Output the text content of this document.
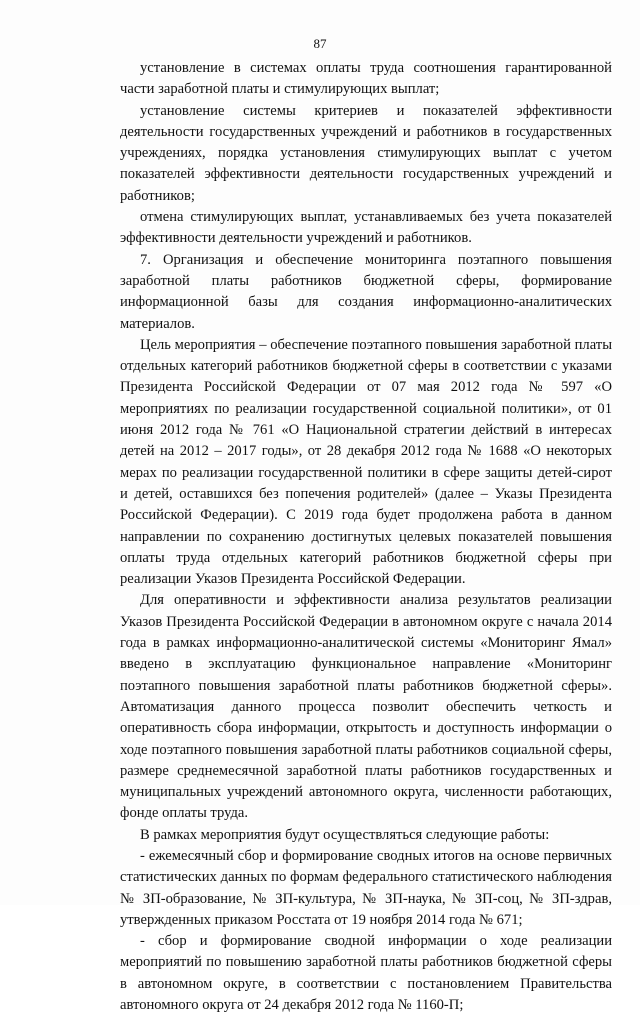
87

установление в системах оплаты труда соотношения гарантированной части заработной платы и стимулирующих выплат;

установление системы критериев и показателей эффективности деятельности государственных учреждений и работников в государственных учреждениях, порядка установления стимулирующих выплат с учетом показателей эффективности деятельности государственных учреждений и работников;

отмена стимулирующих выплат, устанавливаемых без учета показателей эффективности деятельности учреждений и работников.

7. Организация и обеспечение мониторинга поэтапного повышения заработной платы работников бюджетной сферы, формирование информационной базы для создания информационно-аналитических материалов.

Цель мероприятия – обеспечение поэтапного повышения заработной платы отдельных категорий работников бюджетной сферы в соответствии с указами Президента Российской Федерации от 07 мая 2012 года № 597 «О мероприятиях по реализации государственной социальной политики», от 01 июня 2012 года № 761 «О Национальной стратегии действий в интересах детей на 2012 – 2017 годы», от 28 декабря 2012 года № 1688 «О некоторых мерах по реализации государственной политики в сфере защиты детей-сирот и детей, оставшихся без попечения родителей» (далее – Указы Президента Российской Федерации). С 2019 года будет продолжена работа в данном направлении по сохранению достигнутых целевых показателей повышения оплаты труда отдельных категорий работников бюджетной сферы при реализации Указов Президента Российской Федерации.

Для оперативности и эффективности анализа результатов реализации Указов Президента Российской Федерации в автономном округе с начала 2014 года в рамках информационно-аналитической системы «Мониторинг Ямал» введено в эксплуатацию функциональное направление «Мониторинг поэтапного повышения заработной платы работников бюджетной сферы». Автоматизация данного процесса позволит обеспечить четкость и оперативность сбора информации, открытость и доступность информации о ходе поэтапного повышения заработной платы работников социальной сферы, размере среднемесячной заработной платы работников государственных и муниципальных учреждений автономного округа, численности работающих, фонде оплаты труда.

В рамках мероприятия будут осуществляться следующие работы:

- ежемесячный сбор и формирование сводных итогов на основе первичных статистических данных по формам федерального статистического наблюдения № ЗП-образование, № ЗП-культура, № ЗП-наука, № ЗП-соц, № ЗП-здрав, утвержденных приказом Росстата от 19 ноября 2014 года № 671;

- сбор и формирование сводной информации о ходе реализации мероприятий по повышению заработной платы работников бюджетной сферы в автономном округе, в соответствии с постановлением Правительства автономного округа от 24 декабря 2012 года № 1160-П;
